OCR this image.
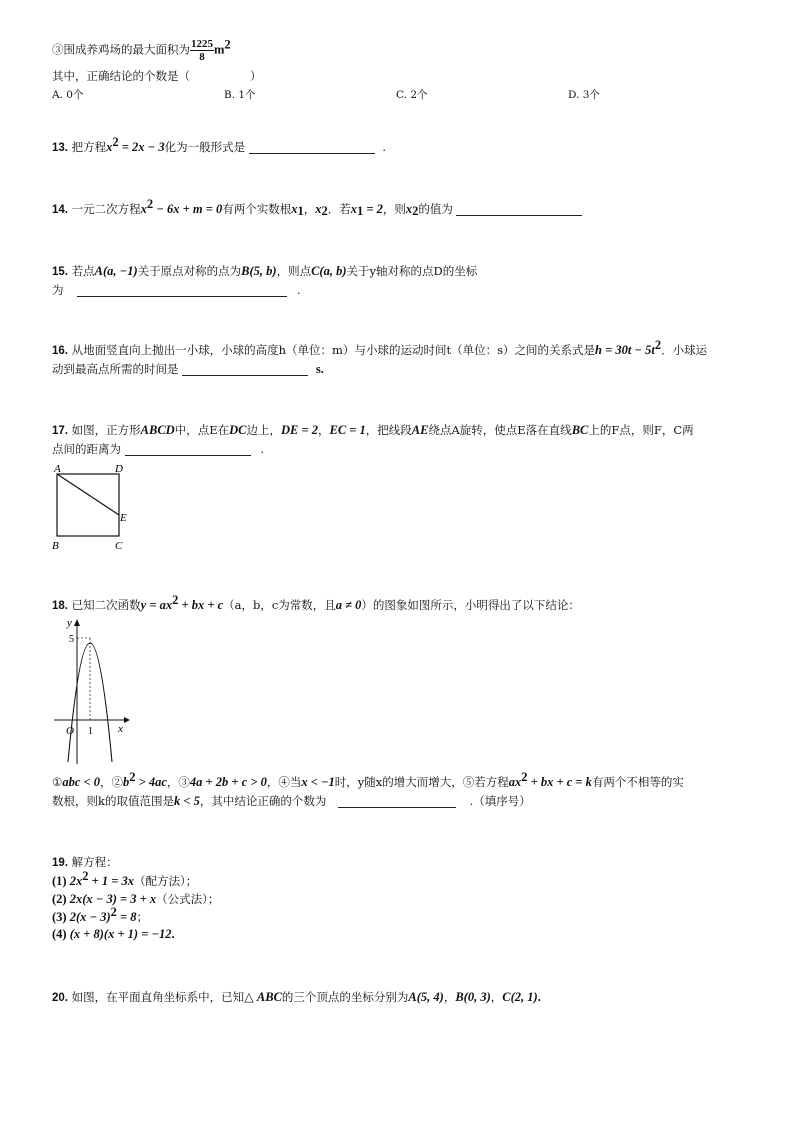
③围成养鸡场的最大面积为 $\frac{1225}{8} m^2$
其中，正确结论的个数是（	）
A. 0个	B. 1个	C. 2个	D. 3个
13. 把方程$x^2 = 2x - 3$化为一般形式是	.
14. 一元二次方程$x^2 - 6x + m = 0$有两个实数根$x_1$，$x_2$．若$x_1 = 2$，则$x_2$的值为
15. 若点A(a, −1)关于原点对称的点为B(5, b)，则点C(a, b)关于y轴对称的点D的坐标
为	.
16. 从地面竖直向上抛出一小球，小球的高度h（单位：m）与小球的运动时间t（单位：s）之间的关系式是$h = 30t - 5t^2$．小球运
动到最高点所需的时间是	s.
17. 如图，正方形ABCD中，点E在DC边上，DE = 2，EC = 1，把线段AE绕点A旋转，使点E落在直线BC上的F点，则F，C两
点间的距离为	.
A	D
E
B	C
18. 已知二次函数$y = ax^2$ + bx + c（a，b，c为常数，且a ≠ 0）的图象如图所示，小明得出了以下结论：
y
x
O
5
1
①abc < 0，$②b^2 > 4ac$，③4a + 2b + c > 0，④当x < −1时，y随x的增大而增大，⑤若方程$ax^2$ + bx + c = k有两个不相等的实
数根，则k的取值范围是k < 5，其中结论正确的个数为	.（填序号）
19. 解方程：
(1) $2x^2 + 1 = 3x$（配方法）；
(2) 2x(x − 3) = 3 + x（公式法）；
(3) $2(x - 3)^2 = 8$；
(4) (x + 8)(x + 1) = −12.
20. 如图，在平面直角坐标系中，已知△ ABC的三个顶点的坐标分别为A(5, 4)，B(0, 3)，C(2, 1).
